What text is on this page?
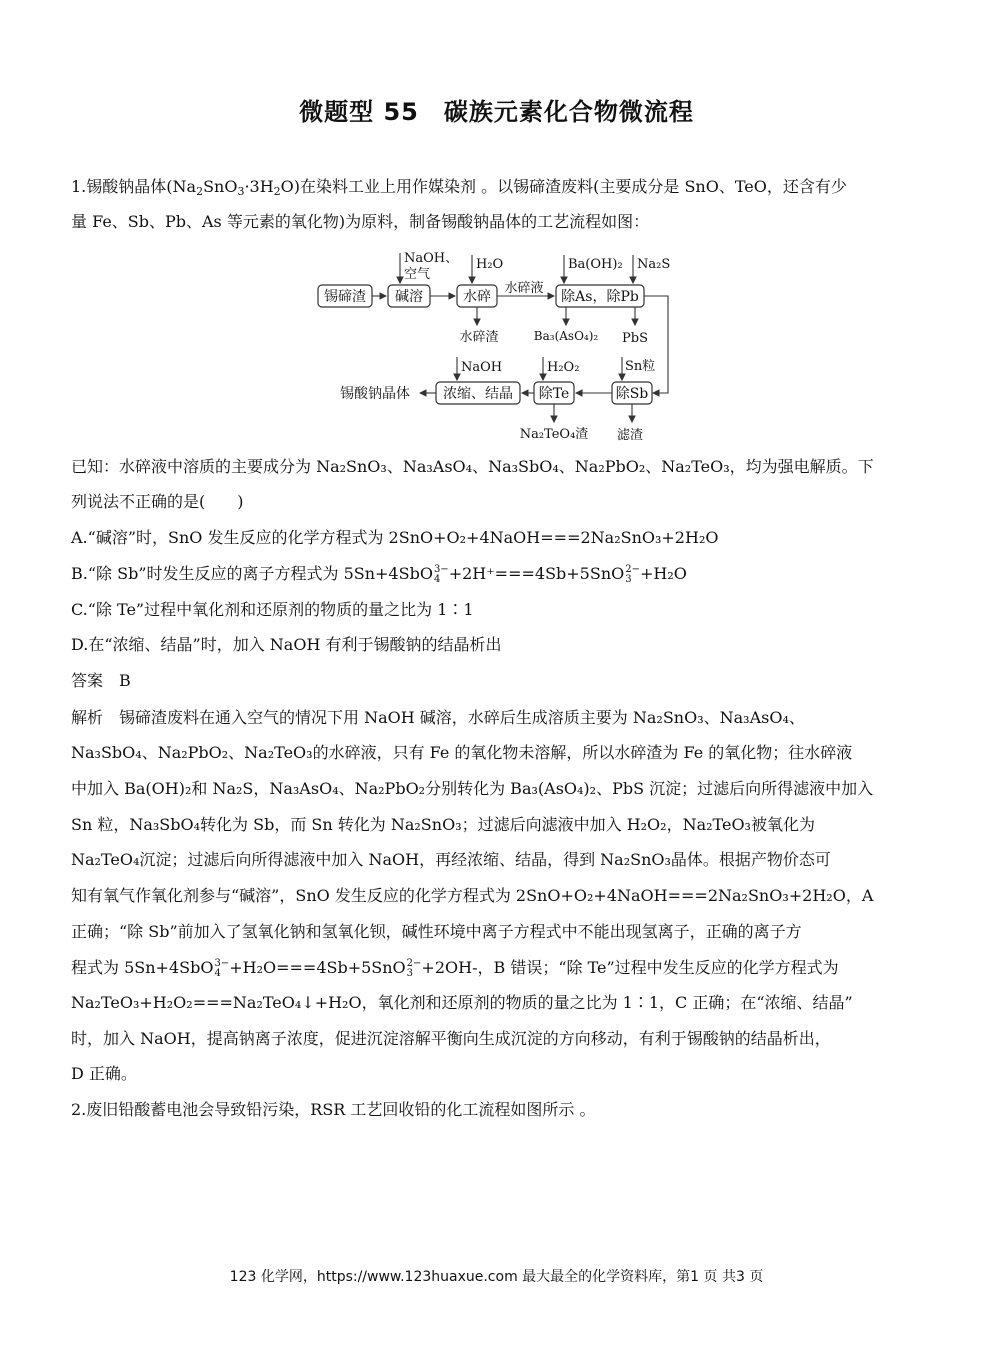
微题型 55　碳族元素化合物微流程
1.锡酸钠晶体$(Na_2SnO_3\cdot 3H_2O)$在染料工业上用作媒染剂 。以锡碲渣废料(主要成分是 SnO、TeO，还含有少
量 Fe、Sb、Pb、As 等元素的氧化物)为原料，制备锡酸钠晶体的工艺流程如图：
锡碲渣 碱溶	水碎	除As，除Pb
水碎液
NaOH、
空气
H₂O	Ba(OH)₂ Na₂S
水碎渣	Ba₃(AsO₄)₂ PbS
除Sb
除Te
浓缩、结晶
锡酸钠晶体
NaOH	H₂O₂	Sn粒
Na₂TeO₄渣 滤渣
已知：水碎液中溶质的主要成分为 Na₂SnO₃、Na₃AsO₄、Na₃SbO₄、Na₂PbO₂、Na₂TeO₃，均为强电解质。下
列说法不正确的是(　　)
A.“碱溶”时，SnO 发生反应的化学方程式为 2SnO+O₂+4NaOH===2Na₂SnO₃+2H₂O
B.“除 Sb”时发生反应的离子方程式为 5Sn+4SbO 3−
4 +2H⁺===4Sb+5SnO 2−
3 +H₂O
C.“除 Te”过程中氧化剂和还原剂的物质的量之比为 1∶1
D.在“浓缩、结晶”时，加入 NaOH 有利于锡酸钠的结晶析出
答案　B
解析　锡碲渣废料在通入空气的情况下用 NaOH 碱溶，水碎后生成溶质主要为 Na₂SnO₃、Na₃AsO₄、
Na₃SbO₄、Na₂PbO₂、Na₂TeO₃的水碎液，只有 Fe 的氧化物未溶解，所以水碎渣为 Fe 的氧化物；往水碎液
中加入 Ba(OH)₂和 Na₂S，Na₃AsO₄、Na₂PbO₂分别转化为 Ba₃(AsO₄)₂、PbS 沉淀；过滤后向所得滤液中加入
Sn 粒，Na₃SbO₄转化为 Sb，而 Sn 转化为 Na₂SnO₃；过滤后向滤液中加入 H₂O₂，Na₂TeO₃被氧化为
Na₂TeO₄沉淀；过滤后向所得滤液中加入 NaOH，再经浓缩、结晶，得到 Na₂SnO₃晶体。根据产物价态可
知有氧气作氧化剂参与“碱溶”，SnO 发生反应的化学方程式为 2SnO+O₂+4NaOH===2Na₂SnO₃+2H₂O，A
正确；“除 Sb”前加入了氢氧化钠和氢氧化钡，碱性环境中离子方程式中不能出现氢离子，正确的离子方
程式为 5Sn+4SbO 3−
4 +H₂O===4Sb+5SnO 2−
3 +2OH-，B 错误；“除 Te”过程中发生反应的化学方程式为
Na₂TeO₃+H₂O₂===Na₂TeO₄↓+H₂O，氧化剂和还原剂的物质的量之比为 1∶1，C 正确；在“浓缩、结晶”
时，加入 NaOH，提高钠离子浓度，促进沉淀溶解平衡向生成沉淀的方向移动，有利于锡酸钠的结晶析出，
D 正确。
2.废旧铅酸蓄电池会导致铅污染，RSR 工艺回收铅的化工流程如图所示 。
123 化学网，https://www.123huaxue.com 最大最全的化学资料库，第1 页 共3 页
